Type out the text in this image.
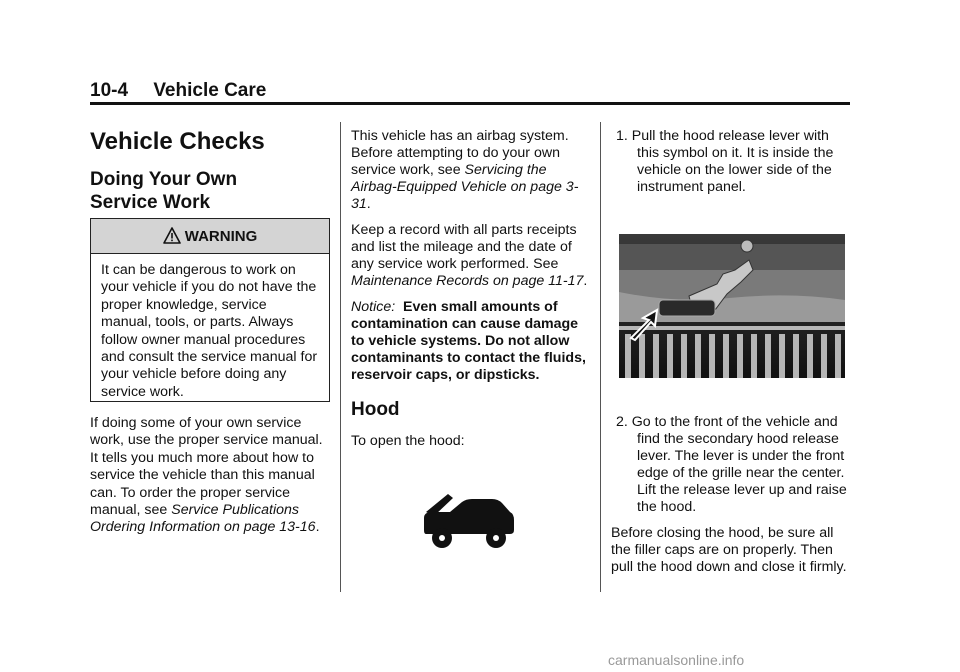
10-4 Vehicle Care
Vehicle Checks
Doing Your Own Service Work
WARNING
It can be dangerous to work on your vehicle if you do not have the proper knowledge, service manual, tools, or parts. Always follow owner manual procedures and consult the service manual for your vehicle before doing any service work.
If doing some of your own service work, use the proper service manual. It tells you much more about how to service the vehicle than this manual can. To order the proper service manual, see Service Publications Ordering Information on page 13-16.

This vehicle has an airbag system. Before attempting to do your own service work, see Servicing the Airbag-Equipped Vehicle on page 3-31.

Keep a record with all parts receipts and list the mileage and the date of any service work performed. See Maintenance Records on page 11-17.

Notice: Even small amounts of contamination can cause damage to vehicle systems. Do not allow contaminants to contact the fluids, reservoir caps, or dipsticks.

Hood

To open the hood:

1. Pull the hood release lever with this symbol on it. It is inside the vehicle on the lower side of the instrument panel.

2. Go to the front of the vehicle and find the secondary hood release lever. The lever is under the front edge of the grille near the center. Lift the release lever up and raise the hood.

Before closing the hood, be sure all the filler caps are on properly. Then pull the hood down and close it firmly.

carmanualsonline.info
